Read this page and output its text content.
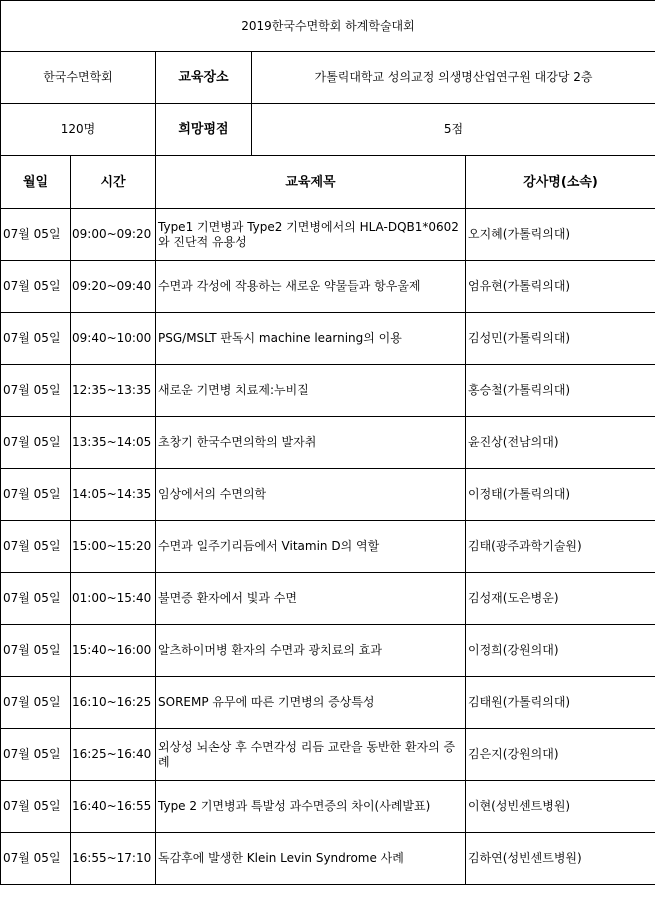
2019한국수면학회 하계학술대회				
한국수면학회		교육장소	가톨릭대학교 성의교정 의생명산업연구원 대강당 2층	
120명		희망평점	5점	
월일	시간	교육제목		강사명(소속)
07월 05일	09:00~09:20	Type1 기면병과 Type2 기면병에서의 HLA-DQB1*0602와 진단적 유용성		오지혜(가톨릭의대)
07월 05일	09:20~09:40	수면과 각성에 작용하는 새로운 약물들과 항우울제		엄유현(가톨릭의대)
07월 05일	09:40~10:00	PSG/MSLT 판독시 machine learning의 이용		김성민(가톨릭의대)
07월 05일	12:35~13:35	새로운 기면병 치료제:누비질		홍승철(가톨릭의대)
07월 05일	13:35~14:05	초창기 한국수면의학의 발자취		윤진상(전남의대)
07월 05일	14:05~14:35	임상에서의 수면의학		이정태(가톨릭의대)
07월 05일	15:00~15:20	수면과 일주기리듬에서 Vitamin D의 역할		김태(광주과학기술원)
07월 05일	01:00~15:40	불면증 환자에서 빛과 수면		김성재(도은병운)
07월 05일	15:40~16:00	알츠하이머병 환자의 수면과 광치료의 효과		이정희(강원의대)
07월 05일	16:10~16:25	SOREMP 유무에 따른 기면병의 증상특성		김태원(가톨릭의대)
07월 05일	16:25~16:40	외상성 뇌손상 후 수면각성 리듬 교란을 동반한 환자의 증례		김은지(강원의대)
07월 05일	16:40~16:55	Type 2 기면병과 특발성 과수면증의 차이(사례발표)		이현(성빈센트병원)
07월 05일	16:55~17:10	독감후에 발생한 Klein Levin Syndrome 사례		김하연(성빈센트병원)
